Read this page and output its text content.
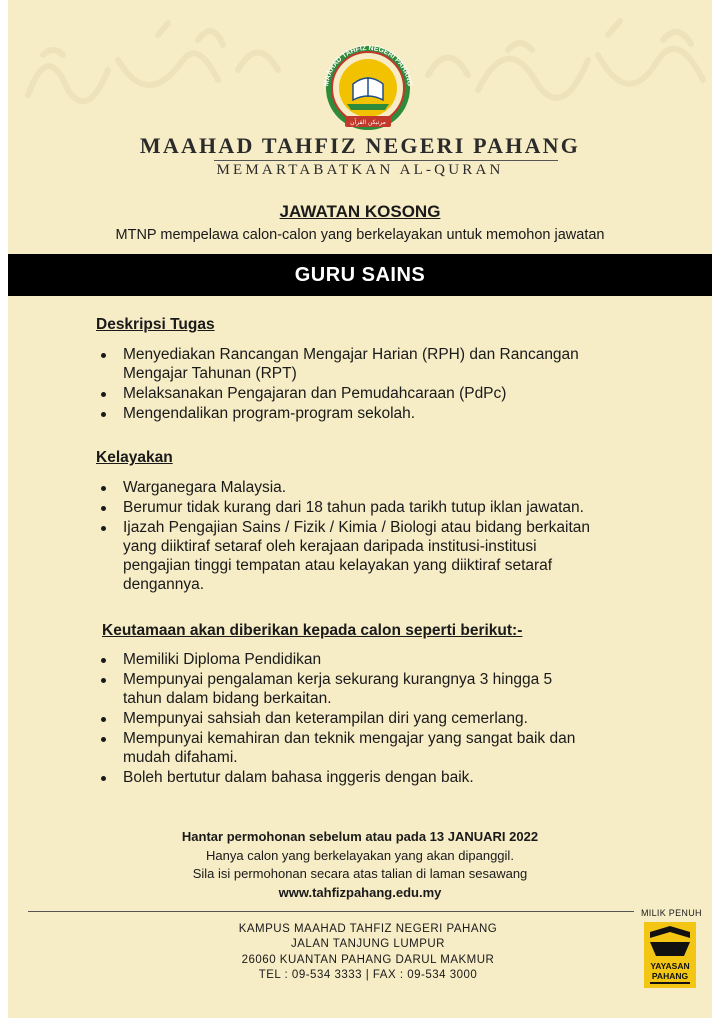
MAAHAD TAHFIZ NEGERI PAHANG
مرتبكن القرآن
MAAHAD TAHFIZ NEGERI PAHANG
MEMARTABATKAN AL-QURAN
JAWATAN KOSONG
MTNP mempelawa calon-calon yang berkelayakan untuk memohon jawatan
GURU SAINS
Deskripsi Tugas
Menyediakan Rancangan Mengajar Harian (RPH) dan Rancangan
Mengajar Tahunan (RPT)
Melaksanakan Pengajaran dan Pemudahcaraan (PdPc)
Mengendalikan program-program sekolah.
Kelayakan
Warganegara Malaysia.
Berumur tidak kurang dari 18 tahun pada tarikh tutup iklan jawatan.
Ijazah Pengajian Sains / Fizik / Kimia / Biologi atau bidang berkaitan
yang diiktiraf setaraf oleh kerajaan daripada institusi-institusi
pengajian tinggi tempatan atau kelayakan yang diiktiraf setaraf
dengannya.
Keutamaan akan diberikan kepada calon seperti berikut:-
Memiliki Diploma Pendidikan
Mempunyai pengalaman kerja sekurang kurangnya 3 hingga 5
tahun dalam bidang berkaitan.
Mempunyai sahsiah dan keterampilan diri yang cemerlang.
Mempunyai kemahiran dan teknik mengajar yang sangat baik dan
mudah difahami.
Boleh bertutur dalam bahasa inggeris dengan baik.
Hantar permohonan sebelum atau pada 13 JANUARI 2022
Hanya calon yang berkelayakan yang akan dipanggil.
Sila isi permohonan secara atas talian di laman sesawang
www.tahfizpahang.edu.my
KAMPUS MAAHAD TAHFIZ NEGERI PAHANG
JALAN TANJUNG LUMPUR
26060 KUANTAN PAHANG DARUL MAKMUR
TEL : 09-534 3333 | FAX : 09-534 3000
MILIK PENUH
YAYASAN
PAHANG
